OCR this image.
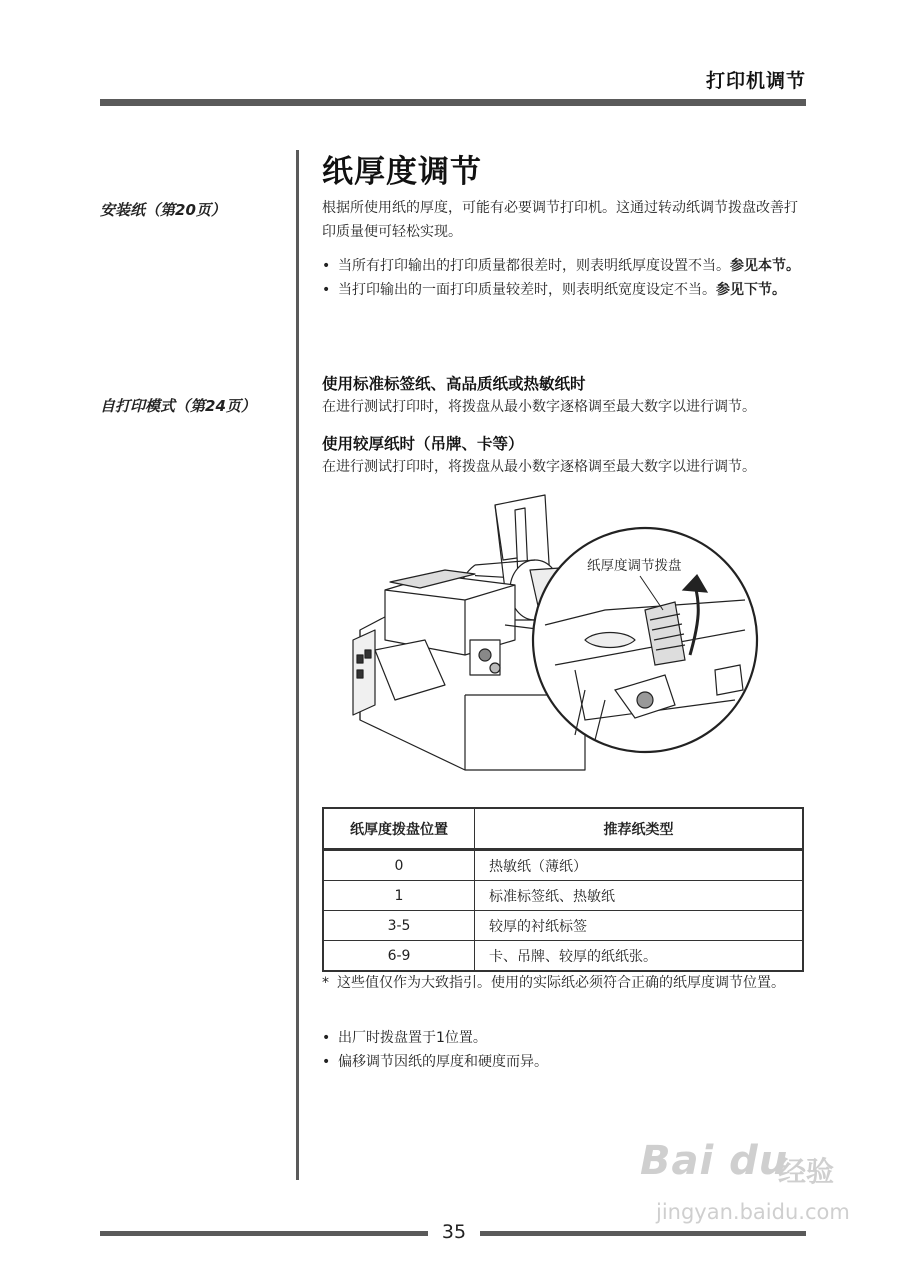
打印机调节
安装纸（第20页）
自打印模式（第24页）
纸厚度调节
根据所使用纸的厚度，可能有必要调节打印机。这通过转动纸调节拨盘改善打印质量便可轻松实现。
• 当所有打印输出的打印质量都很差时，则表明纸厚度设置不当。参见本节。
• 当打印输出的一面打印质量较差时，则表明纸宽度设定不当。参见下节。
使用标准标签纸、高品质纸或热敏纸时
在进行测试打印时，将拨盘从最小数字逐格调至最大数字以进行调节。
使用较厚纸时（吊牌、卡等）
在进行测试打印时，将拨盘从最小数字逐格调至最大数字以进行调节。
纸厚度调节拨盘
纸厚度拨盘位置	推荐纸类型
0	热敏纸（薄纸）
1	标准标签纸、热敏纸
3-5	较厚的衬纸标签
6-9	卡、吊牌、较厚的纸纸张。
* 这些值仅作为大致指引。使用的实际纸必须符合正确的纸厚度调节位置。
• 出厂时拨盘置于1位置。
• 偏移调节因纸的厚度和硬度而异。
Bai du
经验
jingyan.baidu.com
35
